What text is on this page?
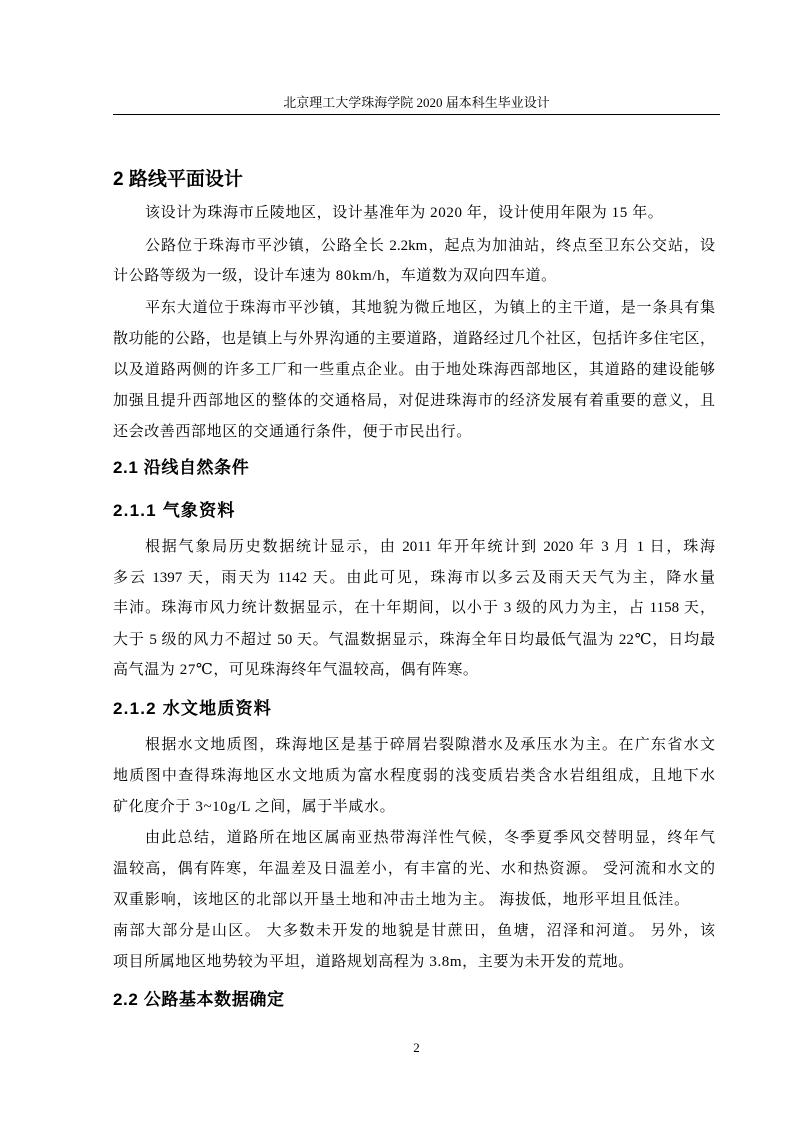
北京理工大学珠海学院 2020 届本科生毕业设计
2 路线平面设计
该设计为珠海市丘陵地区，设计基准年为 2020 年，设计使用年限为 15 年。
公路位于珠海市平沙镇，公路全长 2.2km，起点为加油站，终点至卫东公交站，设
计公路等级为一级，设计车速为 80km/h，车道数为双向四车道。
平东大道位于珠海市平沙镇，其地貌为微丘地区，为镇上的主干道，是一条具有集
散功能的公路，也是镇上与外界沟通的主要道路，道路经过几个社区，包括许多住宅区，
以及道路两侧的许多工厂和一些重点企业。由于地处珠海西部地区，其道路的建设能够
加强且提升西部地区的整体的交通格局，对促进珠海市的经济发展有着重要的意义，且
还会改善西部地区的交通通行条件，便于市民出行。
2.1 沿线自然条件
2.1.1 气象资料
根据气象局历史数据统计显示，由 2011 年开年统计到 2020 年 3 月 1 日，珠海
多云 1397 天，雨天为 1142 天。由此可见，珠海市以多云及雨天天气为主，降水量
丰沛。珠海市风力统计数据显示，在十年期间，以小于 3 级的风力为主，占 1158 天，
大于 5 级的风力不超过 50 天。气温数据显示，珠海全年日均最低气温为 22℃，日均最
高气温为 27℃，可见珠海终年气温较高，偶有阵寒。
2.1.2 水文地质资料
根据水文地质图，珠海地区是基于碎屑岩裂隙潜水及承压水为主。在广东省水文
地质图中查得珠海地区水文地质为富水程度弱的浅变质岩类含水岩组组成，且地下水
矿化度介于 3~10g/L 之间，属于半咸水。
由此总结，道路所在地区属南亚热带海洋性气候，冬季夏季风交替明显，终年气
温较高，偶有阵寒，年温差及日温差小，有丰富的光、水和热资源。 受河流和水文的
双重影响，该地区的北部以开垦土地和冲击土地为主。 海拔低，地形平坦且低洼。
南部大部分是山区。 大多数未开发的地貌是甘蔗田，鱼塘，沼泽和河道。 另外，该
项目所属地区地势较为平坦，道路规划高程为 3.8m，主要为未开发的荒地。
2.2 公路基本数据确定
2
